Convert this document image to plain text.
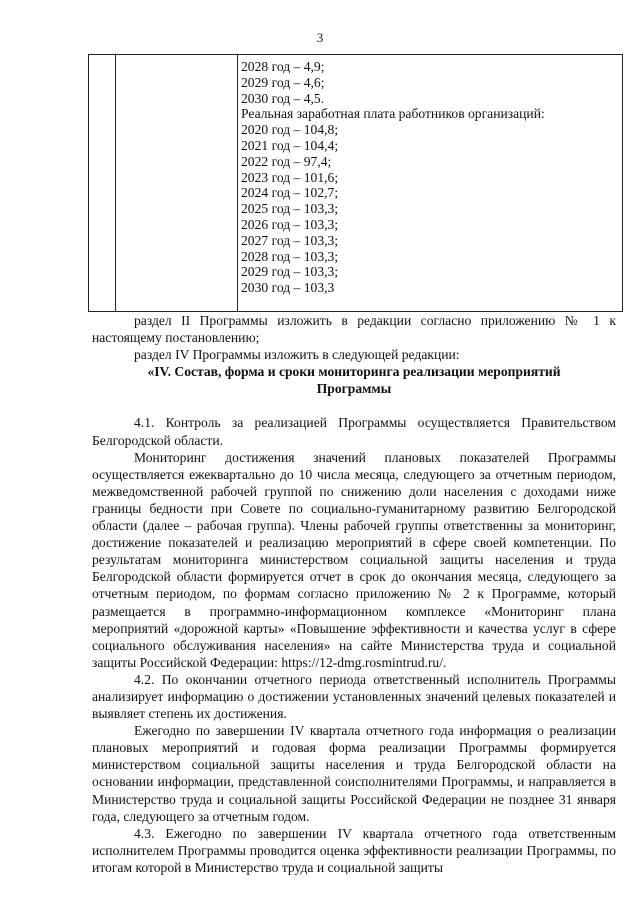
3
2028 год – 4,9;
2029 год – 4,6;
2030 год – 4,5.
Реальная заработная плата работников организаций:
2020 год – 104,8;
2021 год – 104,4;
2022 год – 97,4;
2023 год – 101,6;
2024 год – 102,7;
2025 год – 103,3;
2026 год – 103,3;
2027 год – 103,3;
2028 год – 103,3;
2029 год – 103,3;
2030 год – 103,3

раздел II Программы изложить в редакции согласно приложению № 1 к настоящему постановлению;

раздел IV Программы изложить в следующей редакции:

«IV. Состав, форма и сроки мониторинга реализации мероприятий

Программы

4.1. Контроль за реализацией Программы осуществляется Правительством Белгородской области.

Мониторинг достижения значений плановых показателей Программы осуществляется ежеквартально до 10 числа месяца, следующего за отчетным периодом, межведомственной рабочей группой по снижению доли населения с доходами ниже границы бедности при Совете по социально-гуманитарному развитию Белгородской области (далее – рабочая группа). Члены рабочей группы ответственны за мониторинг, достижение показателей и реализацию мероприятий в сфере своей компетенции. По результатам мониторинга министерством социальной защиты населения и труда Белгородской области формируется отчет в срок до окончания месяца, следующего за отчетным периодом, по формам согласно приложению № 2 к Программе, который размещается в программно-информационном комплексе «Мониторинг плана мероприятий «дорожной карты» «Повышение эффективности и качества услуг в сфере социального обслуживания населения» на сайте Министерства труда и социальной защиты Российской Федерации: https://12-dmg.rosmintrud.ru/.

4.2. По окончании отчетного периода ответственный исполнитель Программы анализирует информацию о достижении установленных значений целевых показателей и выявляет степень их достижения.

Ежегодно по завершении IV квартала отчетного года информация о реализации плановых мероприятий и годовая форма реализации Программы формируется министерством социальной защиты населения и труда Белгородской области на основании информации, представленной соисполнителями Программы, и направляется в Министерство труда и социальной защиты Российской Федерации не позднее 31 января года, следующего за отчетным годом.

4.3. Ежегодно по завершении IV квартала отчетного года ответственным исполнителем Программы проводится оценка эффективности реализации Программы, по итогам которой в Министерство труда и социальной защиты
